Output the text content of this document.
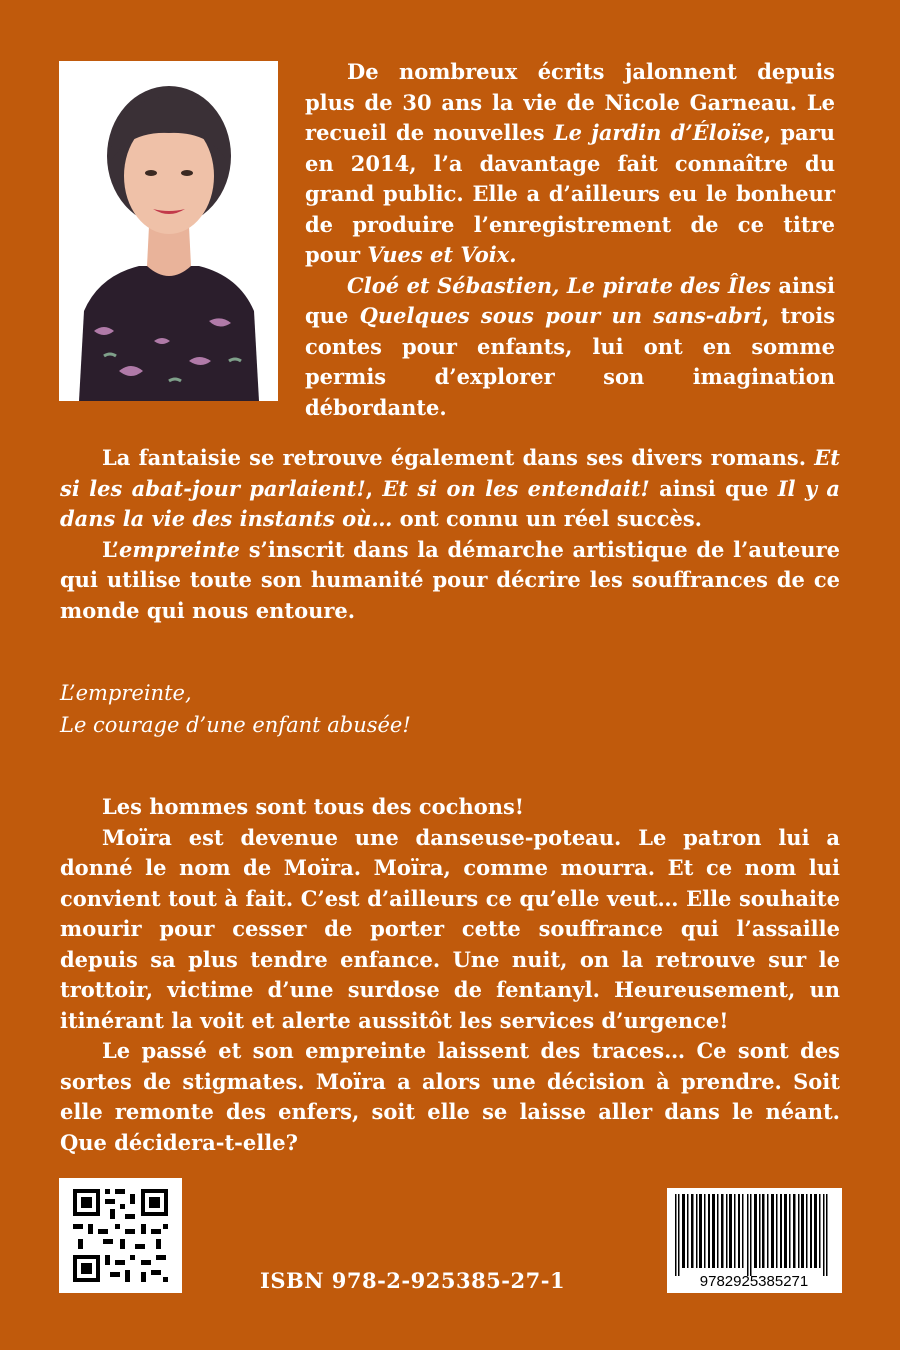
De nombreux écrits jalonnent depuis plus de 30 ans la vie de Nicole Garneau. Le recueil de nouvelles Le jardin d’Éloïse, paru en 2014, l’a davantage fait connaître du grand public. Elle a d’ailleurs eu le bonheur de produire l’enregistrement de ce titre pour Vues et Voix.

Cloé et Sébastien, Le pirate des Îles ainsi que Quelques sous pour un sans-abri, trois contes pour enfants, lui ont en somme permis d’explorer son imagination débordante.

La fantaisie se retrouve également dans ses divers romans. Et si les abat-jour parlaient!, Et si on les entendait! ainsi que Il y a dans la vie des instants où… ont connu un réel succès.

L’empreinte s’inscrit dans la démarche artistique de l’auteure qui utilise toute son humanité pour décrire les souffrances de ce monde qui nous entoure.

L’empreinte,
Le courage d’une enfant abusée!

Les hommes sont tous des cochons!

Moïra est devenue une danseuse-poteau. Le patron lui a donné le nom de Moïra. Moïra, comme mourra. Et ce nom lui convient tout à fait. C’est d’ailleurs ce qu’elle veut… Elle souhaite mourir pour cesser de porter cette souffrance qui l’assaille depuis sa plus tendre enfance. Une nuit, on la retrouve sur le trottoir, victime d’une surdose de fentanyl. Heureusement, un itinérant la voit et alerte aussitôt les services d’urgence!

Le passé et son empreinte laissent des traces… Ce sont des sortes de stigmates. Moïra a alors une décision à prendre. Soit elle remonte des enfers, soit elle se laisse aller dans le néant. Que décidera-t-elle?

ISBN 978-2-925385-27-1	9782925385271
